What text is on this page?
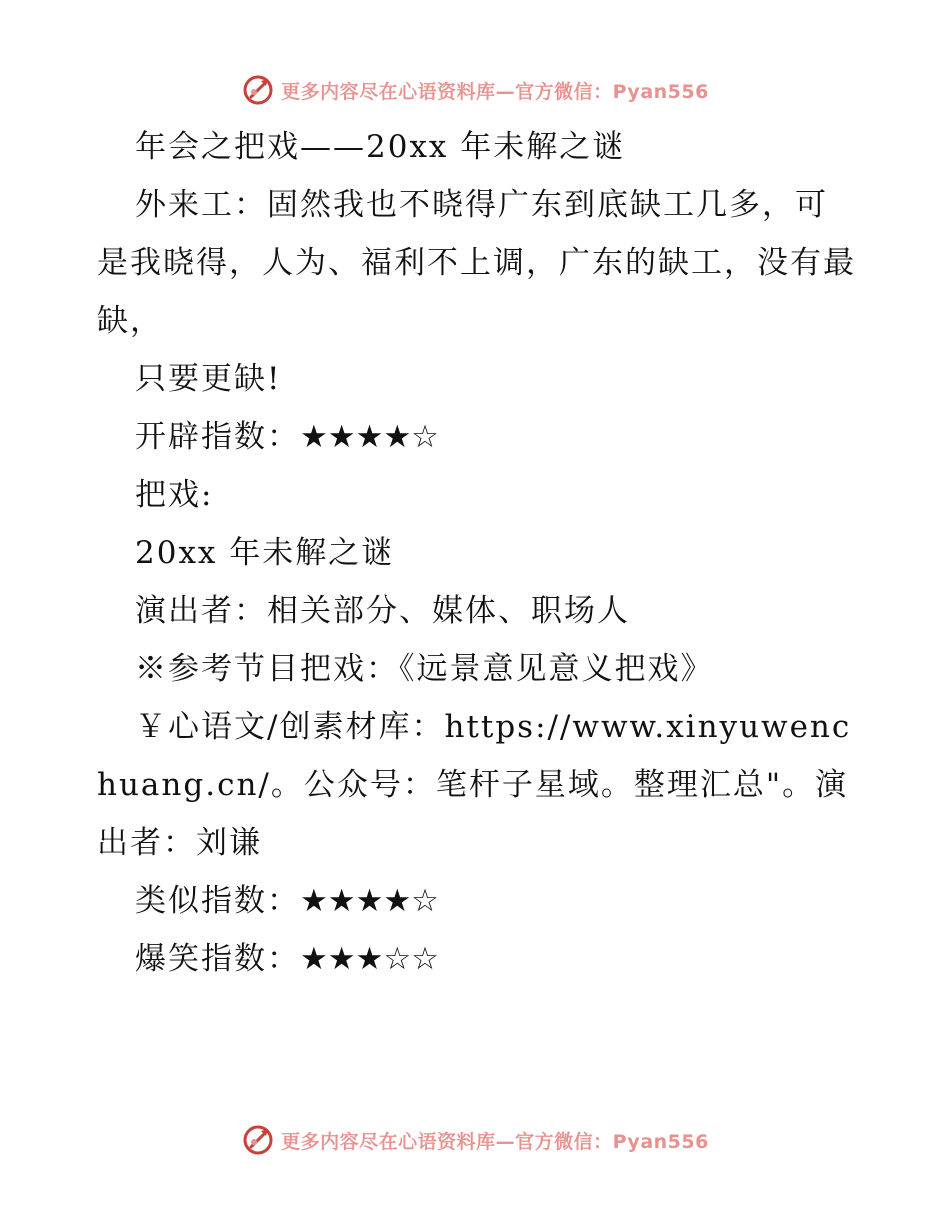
更多内容尽在心语资料库—官方微信：Pyan556

年会之把戏——20xx 年未解之谜

外来工：固然我也不晓得广东到底缺工几多，可是我晓得，人为、福利不上调，广东的缺工，没有最缺，

只要更缺!

开辟指数：★★★★☆

把戏:

20xx 年未解之谜

演出者：相关部分、媒体、职场人

※参考节目把戏：《远景意见意义把戏》

￥心语文/创素材库：https://www.xinyuwenchuang.cn/。公众号：笔杆子星域。整理汇总"。演出者：刘谦

类似指数：★★★★☆

爆笑指数：★★★☆☆

更多内容尽在心语资料库—官方微信：Pyan556
